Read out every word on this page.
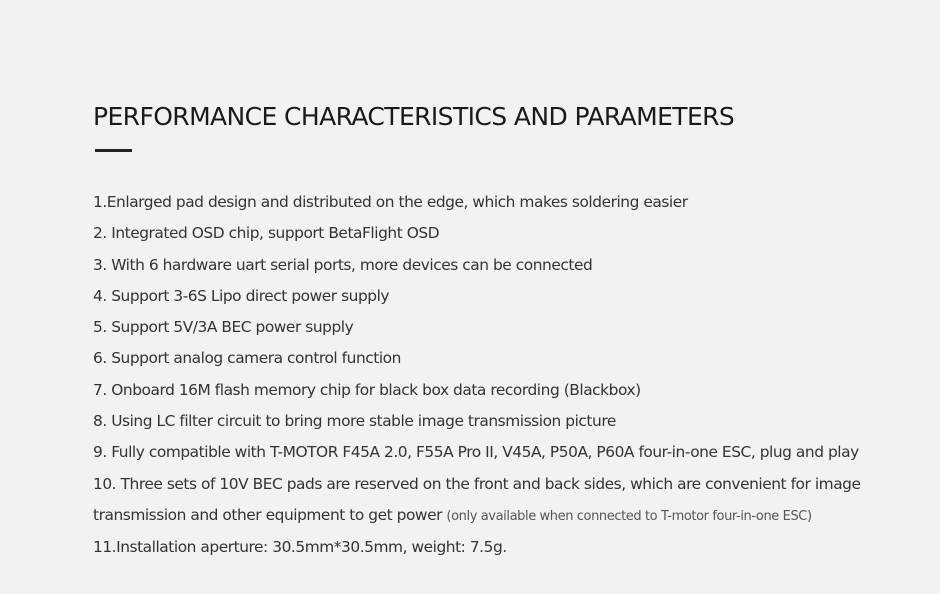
PERFORMANCE CHARACTERISTICS AND PARAMETERS
1.Enlarged pad design and distributed on the edge, which makes soldering easier
2. Integrated OSD chip, support BetaFlight OSD
3. With 6 hardware uart serial ports, more devices can be connected
4. Support 3-6S Lipo direct power supply
5. Support 5V/3A BEC power supply
6. Support analog camera control function
7. Onboard 16M flash memory chip for black box data recording (Blackbox)
8. Using LC filter circuit to bring more stable image transmission picture
9. Fully compatible with T-MOTOR F45A 2.0, F55A Pro II, V45A, P50A, P60A four-in-one ESC, plug and play
10. Three sets of 10V BEC pads are reserved on the front and back sides, which are convenient for image
transmission and other equipment to get power (only available when connected to T-motor four-in-one ESC)
11.Installation aperture: 30.5mm*30.5mm, weight: 7.5g.
